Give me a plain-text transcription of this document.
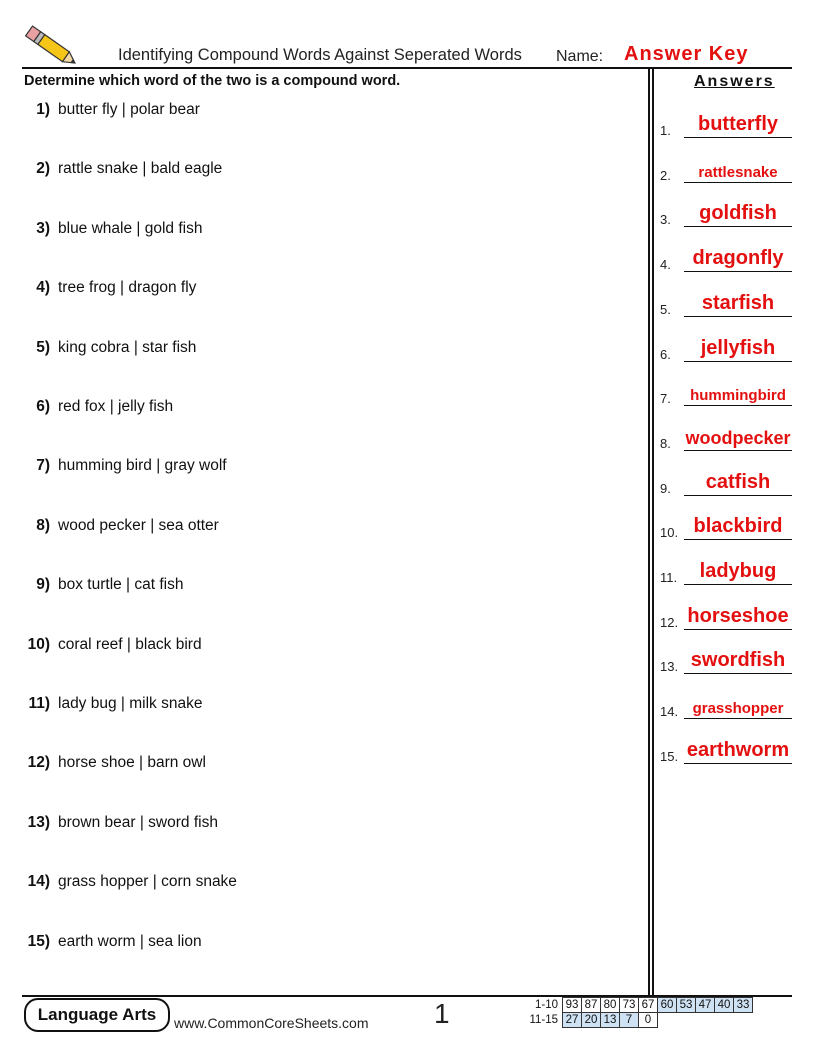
Identifying Compound Words Against Seperated Words Name: Answer Key
Determine which word of the two is a compound word.	Answers
1) butter fly | polar bear
2) rattle snake | bald eagle
3) blue whale | gold fish
4) tree frog | dragon fly
5) king cobra | star fish
6) red fox | jelly fish
7) humming bird | gray wolf
8) wood pecker | sea otter
9) box turtle | cat fish
10) coral reef | black bird
11) lady bug | milk snake
12) horse shoe | barn owl
13) brown bear | sword fish
14) grass hopper | corn snake
15) earth worm | sea lion
1.	butterfly
2.	rattlesnake
3.	goldfish
4.	dragonfly
5.	starfish
6.	jellyfish
7.	hummingbird
8. woodpecker
9.	catfish
10. blackbird
11.	ladybug
12. horseshoe
13. swordfish
14. grasshopper
15. earthworm
Language Arts	www.CommonCoreSheets.com 1	1-10	93	87	80	73	67	60	53	47	40	33
11-15	27	20	13	7	0					
